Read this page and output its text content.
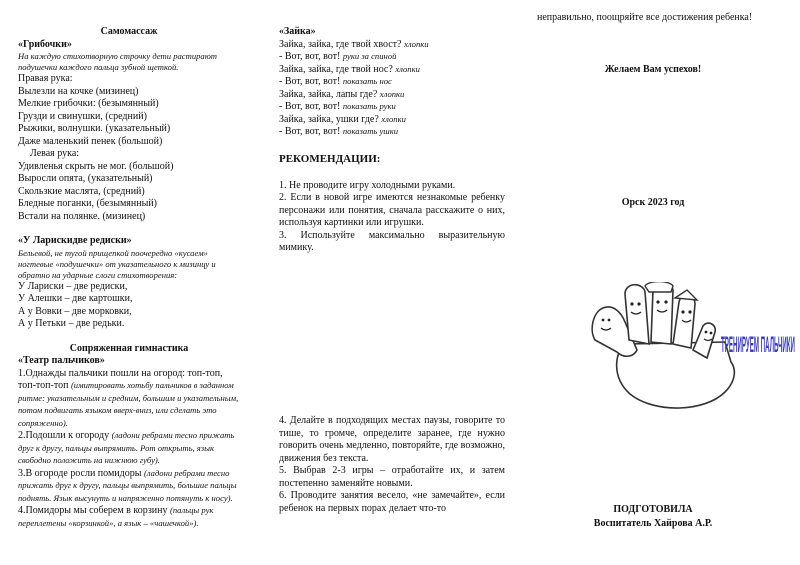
Самомассаж
«Грибочки»
На каждую стихотворную строчку дети растирают подушечки каждого пальца зубной щеткой.
Правая рука:
Вылезли на кочке (мизинец)
Мелкие грибочки: (безымянный)
Грузди и свинушки, (средний)
Рыжики, волнушки. (указательный)
Даже маленький пенек (большой)
Левая рука:
Удивленья скрыть не мог. (большой)
Выросли опята, (указательный)
Скользкие маслята, (средний)
Бледные поганки, (безымянный)
Встали на полянке. (мизинец)
«У Ларискидве редиски»
Бельевой, не тугой прищепкой поочередно «кусаем» ногтевые «подушечки» от указательного к мизинцу и обратно на ударные слоги стихотворения:
У Лариски – две редиски,
У Алешки – две картошки,
А у Вовки – две морковки,
А у Петьки – две редьки.
Сопряженная гимнастика
«Театр пальчиков»
1.Однажды пальчики пошли на огород: топ-топ, топ-топ-топ (имитировать хотьбу пальчиков в заданном ритме: указательным и средним, большим и указательным, потом подвигать языком вверх-вниз, или сделать это сопряженно).
2.Подошли к огороду (ладони ребрами тесно прижать друг к другу, пальцы выпрямить. Рот открыть, язык свободно положить на нижнюю губу).
3.В огороде росли помидоры (ладони ребрами тесно прижать друг к другу, пальцы выпрямить, большие пальцы поднять. Язык высунуть и напряженно потянуть к носу).
4.Помидоры мы соберем в корзину (пальцы рук переплетены «корзинкой», а язык – «чашечкой»).
«Зайка»
Зайка, зайка, где твой хвост? хлопки
- Вот, вот, вот! руки за спиной
Зайка, зайка, где твой нос? хлопки
- Вот, вот, вот! показать нос
Зайка, зайка, лапы где? хлопки
- Вот, вот, вот! показать руки
Зайка, зайка, ушки где? хлопки
- Вот, вот, вот! показать ушки
РЕКОМЕНДАЦИИ:
1. Не проводите игру холодными руками.
2. Если в новой игре имеются незнакомые ребенку персонажи или понятия, сначала расскажите о них, используя картинки или игрушки.
3. Используйте максимально выразительную мимику.
4. Делайте в подходящих местах паузы, говорите то тише, то громче, определите заранее, где нужно говорить очень медленно, повторяйте, где возможно, движения без текста.
5. Выбрав 2-3 игры – отработайте их, и затем постепенно заменяйте новыми.
6. Проводите занятия весело, «не замечайте», если ребенок на первых порах делает что-то
неправильно, поощряйте все достижения ребенка!
Желаем Вам успехов!
Орск 2023 год
ТРЕНИРУЕМ ПАЛЬЧИКИ
ПОДГОТОВИЛА
Воспитатель Хайрова А.Р.
